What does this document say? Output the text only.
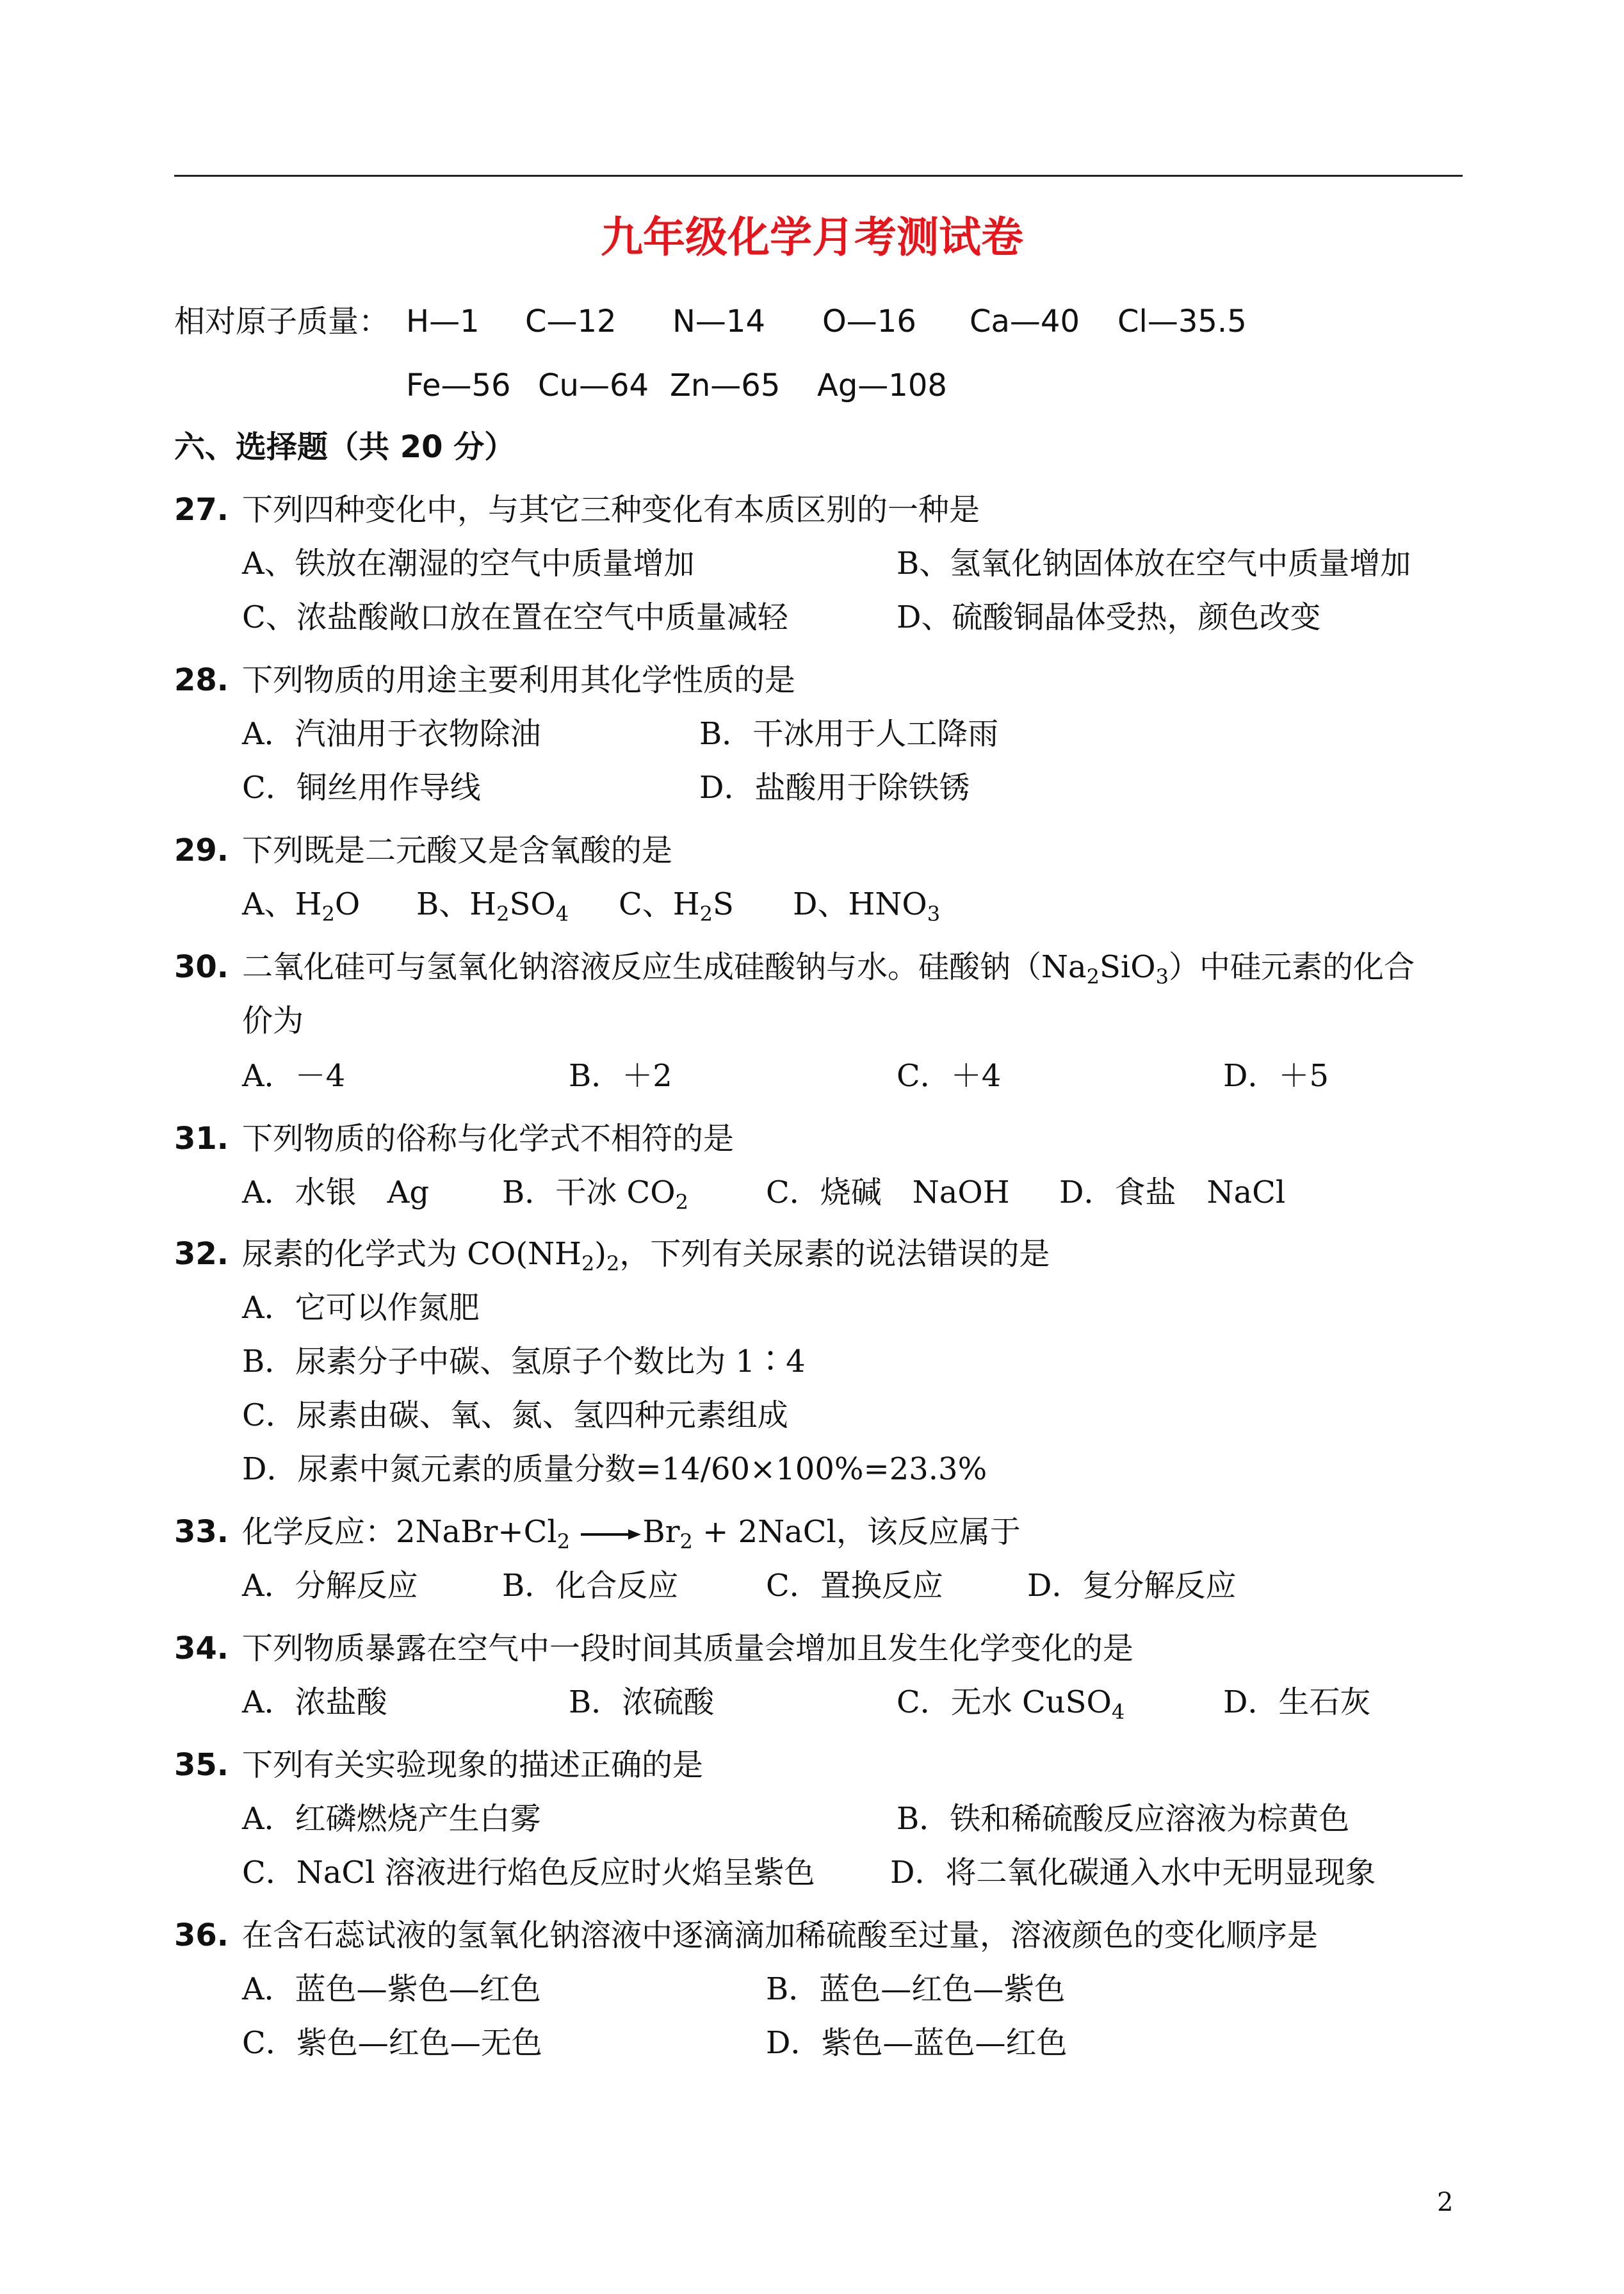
九年级化学月考测试卷
相对原子质量： H—1 C—12 N—14 O—16 Ca—40 Cl—35.5
Fe—56 Cu—64 Zn—65 Ag—108
六、选择题（共 20 分）
27. 下列四种变化中，与其它三种变化有本质区别的一种是
A、铁放在潮湿的空气中质量增加	B、氢氧化钠固体放在空气中质量增加
C、浓盐酸敞口放在置在空气中质量减轻	D、硫酸铜晶体受热，颜色改变
28. 下列物质的用途主要利用其化学性质的是
A．汽油用于衣物除油	B．干冰用于人工降雨
C．铜丝用作导线	D．盐酸用于除铁锈
29. 下列既是二元酸又是含氧酸的是
A、$H_2O$ B、$H_2SO_4$ C、$H_2S$ D、$HNO_3$
30. 二氧化硅可与氢氧化钠溶液反应生成硅酸钠与水。硅酸钠$(Na_2SiO_3)$中硅元素的化合
价为
A．－4	B．＋2	C．＋4	D．＋5
31. 下列物质的俗称与化学式不相符的是
A．水银　Ag B．干冰 $CO_2$	C．烧碱　NaOH D．食盐　NaCl
32. 尿素的化学式为 $CO(NH_2)_2$，下列有关尿素的说法错误的是
A．它可以作氮肥
B．尿素分子中碳、氢原子个数比为 1∶4
C．尿素由碳、氧、氮、氢四种元素组成
D．尿素中氮元素的质量分数=14/60×100%=23.3%
33. 化学反应：$2NaBr+Cl_2 \to Br_2$ + 2NaCl，该反应属于
A．分解反应	B．化合反应	C．置换反应	D．复分解反应
34. 下列物质暴露在空气中一段时间其质量会增加且发生化学变化的是
A．浓盐酸	B．浓硫酸	C．无水 CuSO$_4$	D．生石灰
35. 下列有关实验现象的描述正确的是
A．红磷燃烧产生白雾	B．铁和稀硫酸反应溶液为棕黄色
C．NaCl 溶液进行焰色反应时火焰呈紫色 D．将二氧化碳通入水中无明显现象
36. 在含石蕊试液的氢氧化钠溶液中逐滴滴加稀硫酸至过量，溶液颜色的变化顺序是
A．蓝色—紫色—红色	B．蓝色—红色—紫色
C．紫色—红色—无色	D．紫色—蓝色—红色
2
